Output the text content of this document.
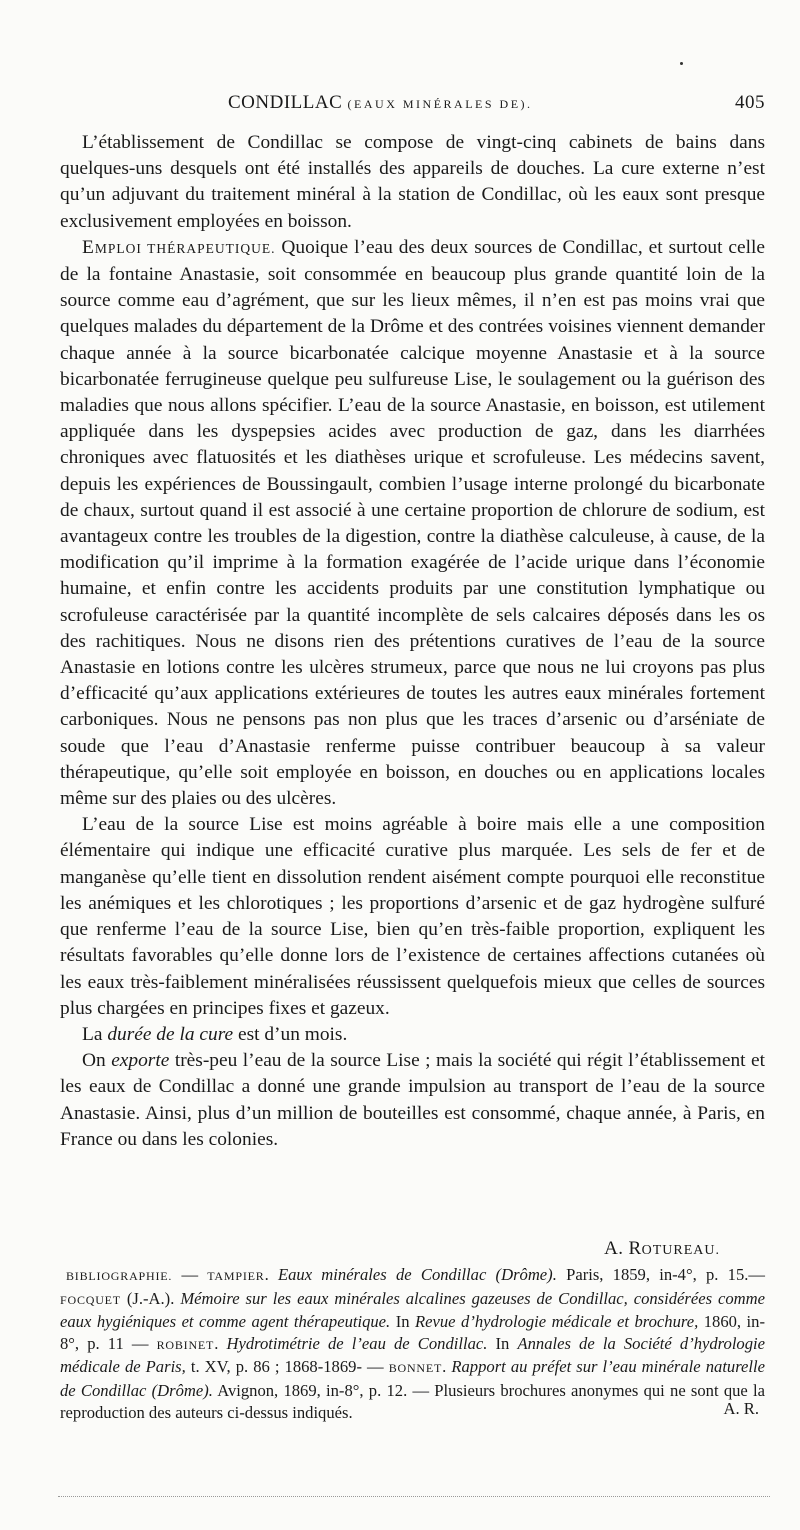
CONDILLAC (EAUX MINÉRALES DE).	405

L’établissement de Condillac se compose de vingt-cinq cabinets de bains dans quelques-uns desquels ont été installés des appareils de douches. La cure externe n’est qu’un adjuvant du traitement minéral à la station de Condillac, où les eaux sont presque exclusivement employées en boisson.

EMPLOI THÉRAPEUTIQUE. Quoique l’eau des deux sources de Condillac, et surtout celle de la fontaine Anastasie, soit consommée en beaucoup plus grande quantité loin de la source comme eau d’agrément, que sur les lieux mêmes, il n’en est pas moins vrai que quelques malades du département de la Drôme et des contrées voisines viennent demander chaque année à la source bicarbonatée calcique moyenne Anastasie et à la source bicarbonatée ferrugineuse quelque peu sulfureuse Lise, le soulagement ou la guérison des maladies que nous allons spécifier. L’eau de la source Anastasie, en boisson, est utilement appliquée dans les dyspepsies acides avec production de gaz, dans les diarrhées chroniques avec flatuosités et les diathèses urique et scrofuleuse. Les médecins savent, depuis les expériences de Boussingault, combien l’usage interne prolongé du bicarbonate de chaux, surtout quand il est associé à une certaine proportion de chlorure de sodium, est avantageux contre les troubles de la digestion, contre la diathèse calculeuse, à cause, de la modification qu’il imprime à la formation exagérée de l’acide urique dans l’économie humaine, et enfin contre les accidents produits par une constitution lymphatique ou scrofuleuse caractérisée par la quantité incomplète de sels calcaires déposés dans les os des rachitiques. Nous ne disons rien des prétentions curatives de l’eau de la source Anastasie en lotions contre les ulcères strumeux, parce que nous ne lui croyons pas plus d’efficacité qu’aux applications extérieures de toutes les autres eaux minérales fortement carboniques. Nous ne pensons pas non plus que les traces d’arsenic ou d’arséniate de soude que l’eau d’Anastasie renferme puisse contribuer beaucoup à sa valeur thérapeutique, qu’elle soit employée en boisson, en douches ou en applications locales même sur des plaies ou des ulcères.

L’eau de la source Lise est moins agréable à boire mais elle a une composition élémentaire qui indique une efficacité curative plus marquée. Les sels de fer et de manganèse qu’elle tient en dissolution rendent aisément compte pourquoi elle reconstitue les anémiques et les chlorotiques ; les proportions d’arsenic et de gaz hydrogène sulfuré que renferme l’eau de la source Lise, bien qu’en très-faible proportion, expliquent les résultats favorables qu’elle donne lors de l’existence de certaines affections cutanées où les eaux très-faiblement minéralisées réussissent quelquefois mieux que celles de sources plus chargées en principes fixes et gazeux.

La durée de la cure est d’un mois.

On exporte très-peu l’eau de la source Lise ; mais la société qui régit l’établissement et les eaux de Condillac a donné une grande impulsion au transport de l’eau de la source Anastasie. Ainsi, plus d’un million de bouteilles est consommé, chaque année, à Paris, en France ou dans les colonies.

A. ROTUREAU.

BIBLIOGRAPHIE. — TAMPIER. Eaux minérales de Condillac (Drôme). Paris, 1859, in-4°, p. 15.— FOCQUET (J.-A.). Mémoire sur les eaux minérales alcalines gazeuses de Condillac, considérées comme eaux hygiéniques et comme agent thérapeutique. In Revue d’hydrologie médicale et brochure, 1860, in-8°, p. 11 — ROBINET. Hydrotimétrie de l’eau de Condillac. In Annales de la Société d’hydrologie médicale de Paris, t. XV, p. 86 ; 1868-1869- — BONNET. Rapport au préfet sur l’eau minérale naturelle de Condillac (Drôme). Avignon, 1869, in-8°, p. 12. — Plusieurs brochures anonymes qui ne sont que la reproduction des auteurs ci-dessus indiqués.	A. R.
